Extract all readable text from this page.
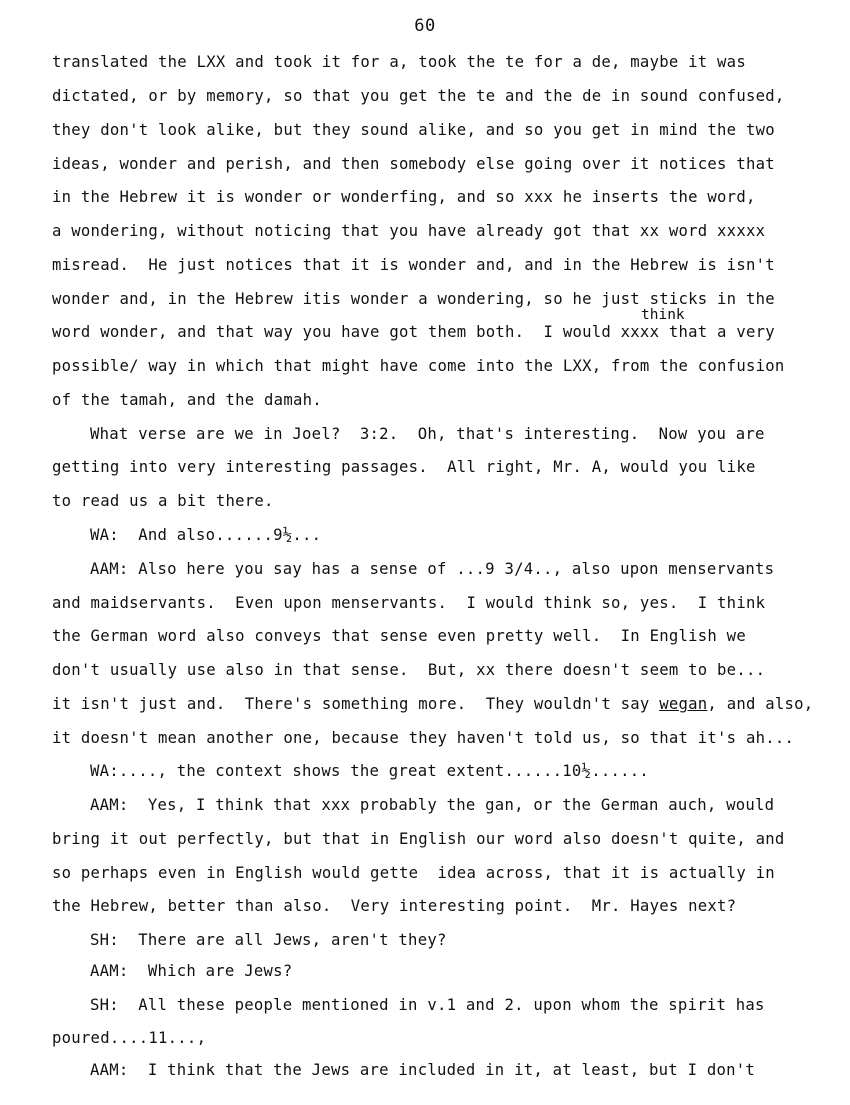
60
think
translated the LXX and took it for a, took the te for a de, maybe it was
dictated, or by memory, so that you get the te and the de in sound confused,
they don't look alike, but they sound alike, and so you get in mind the two
ideas, wonder and perish, and then somebody else going over it notices that
in the Hebrew it is wonder or wonderfing, and so xxx he inserts the word,
a wondering, without noticing that you have already got that xx word xxxxx
misread.  He just notices that it is wonder and, and in the Hebrew is isn't
wonder and, in the Hebrew itis wonder a wondering, so he just sticks in the
word wonder, and that way you have got them both.  I would xxxx that a very
possible/ way in which that might have come into the LXX, from the confusion
of the tamah, and the damah.
What verse are we in Joel?  3:2.  Oh, that's interesting.  Now you are
getting into very interesting passages.  All right, Mr. A, would you like
to read us a bit there.
WA:  And also......9½...
AAM: Also here you say has a sense of ...9 3/4.., also upon menservants
and maidservants.  Even upon menservants.  I would think so, yes.  I think
the German word also conveys that sense even pretty well.  In English we
don't usually use also in that sense.  But, xx there doesn't seem to be...
it isn't just and.  There's something more.  They wouldn't say wegan, and also,
it doesn't mean another one, because they haven't told us, so that it's ah...
WA:...., the context shows the great extent......10½......
AAM:  Yes, I think that xxx probably the gan, or the German auch, would
bring it out perfectly, but that in English our word also doesn't quite, and
so perhaps even in English would gette  idea across, that it is actually in
the Hebrew, better than also.  Very interesting point.  Mr. Hayes next?
SH:  There are all Jews, aren't they?
AAM:  Which are Jews?
SH:  All these people mentioned in v.1 and 2. upon whom the spirit has
poured....11...,
AAM:  I think that the Jews are included in it, at least, but I don't
